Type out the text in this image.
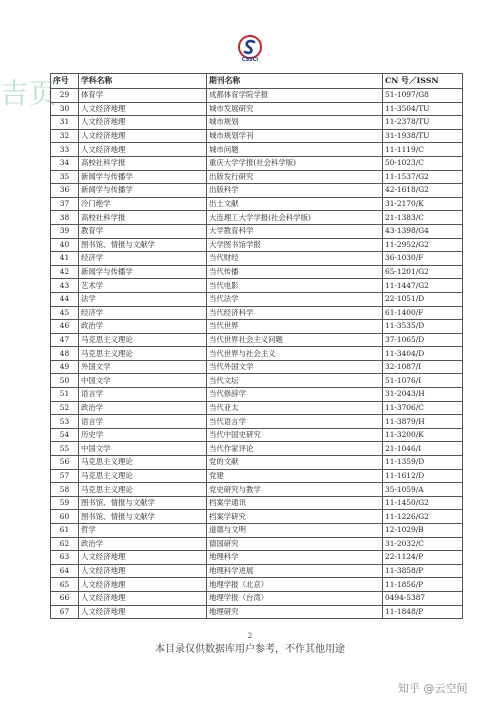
CSSCI
吉页
序号	学科名称	期刊名称	CN 号／ISSN
29	体育学	成都体育学院学报	51-1097/G8
30	人文经济地理	城市发展研究	11-3504/TU
31	人文经济地理	城市规划	11-2378/TU
32	人文经济地理	城市规划学刊	31-1938/TU
33	人文经济地理	城市问题	11-1119/C
34	高校社科学报	重庆大学学报(社会科学版)	50-1023/C
35	新闻学与传播学	出版发行研究	11-1537/G2
36	新闻学与传播学	出版科学	42-1618/G2
37	冷门绝学	出土文献	31-2170/K
38	高校社科学报	大连理工大学学报(社会科学版)	21-1383/C
39	教育学	大学教育科学	43-1398/G4
40	图书馆、情报与文献学	大学图书馆学报	11-2952/G2
41	经济学	当代财经	36-1030/F
42	新闻学与传播学	当代传播	65-1201/G2
43	艺术学	当代电影	11-1447/G2
44	法学	当代法学	22-1051/D
45	经济学	当代经济科学	61-1400/F
46	政治学	当代世界	11-3535/D
47	马克思主义理论	当代世界社会主义问题	37-1065/D
48	马克思主义理论	当代世界与社会主义	11-3404/D
49	外国文学	当代外国文学	32-1087/I
50	中国文学	当代文坛	51-1076/I
51	语言学	当代修辞学	31-2043/H
52	政治学	当代亚太	11-3706/C
53	语言学	当代语言学	11-3879/H
54	历史学	当代中国史研究	11-3200/K
55	中国文学	当代作家评论	21-1046/I
56	马克思主义理论	党的文献	11-1359/D
57	马克思主义理论	党建	11-1612/D
58	马克思主义理论	党史研究与教学	35-1059/A
59	图书馆、情报与文献学	档案学通讯	11-1450/G2
60	图书馆、情报与文献学	档案学研究	11-1226/G2
61	哲学	道德与文明	12-1029/B
62	政治学	德国研究	31-2032/C
63	人文经济地理	地理科学	22-1124/P
64	人文经济地理	地理科学进展	11-3858/P
65	人文经济地理	地理学报（北京）	11-1856/P
66	人文经济地理	地理学报（台湾）	0494-5387
67	人文经济地理	地理研究	11-1848/P
2
本目录仅供数据库用户参考，不作其他用途
知乎 @云空间
